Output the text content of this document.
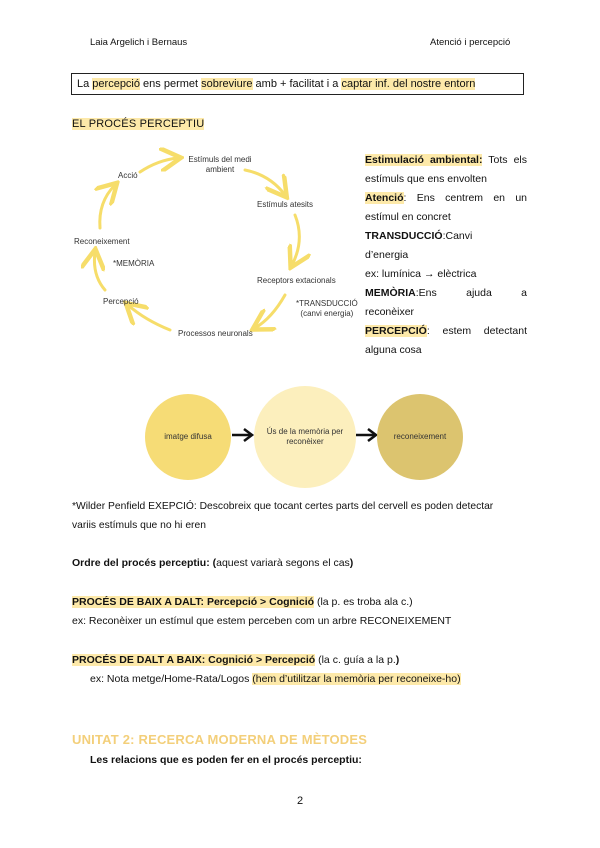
Laia Argelich i Bernaus	Atenció i percepció
La percepció ens permet sobreviure amb + facilitat i a captar inf. del nostre entorn
EL PROCÉS PERCEPTIU
Estímuls del medi
ambient
Estímuls atesits
Receptors extacionals
*TRANSDUCCIÓ
(canvi energia)
Processos neuronals
Percepció
Reconeixement
*MEMÒRIA
Acció

Estimulació ambiental: Tots els

estímuls que ens envolten

Atenció: Ens centrem en un

estímul en concret

TRANSDUCCIÓ:Canvi

d’energia

ex: lumínica → elèctrica

MEMÒRIA:Ens ajuda a

reconèixer

PERCEPCIÓ: estem detectant

alguna cosa

imatge difusa
Ús de la memòria per reconèixer
reconeixement
*Wilder Penfield EXEPCIÓ: Descobreix que tocant certes parts del cervell es poden detectar
variis estímuls que no hi eren
Ordre del procés perceptiu: (aquest variarà segons el cas)
PROCÉS DE BAIX A DALT: Percepció > Cognició (la p. es troba ala c.)
ex: Reconèixer un estímul que estem perceben com un arbre RECONEIXEMENT
PROCÉS DE DALT A BAIX: Cognició > Percepció (la c. guía a la p.)
ex: Nota metge/Home-Rata/Logos (hem d’utilitzar la memòria per reconeixe-ho)
UNITAT 2: RECERCA MODERNA DE MÈTODES
Les relacions que es poden fer en el procés perceptiu:
2
